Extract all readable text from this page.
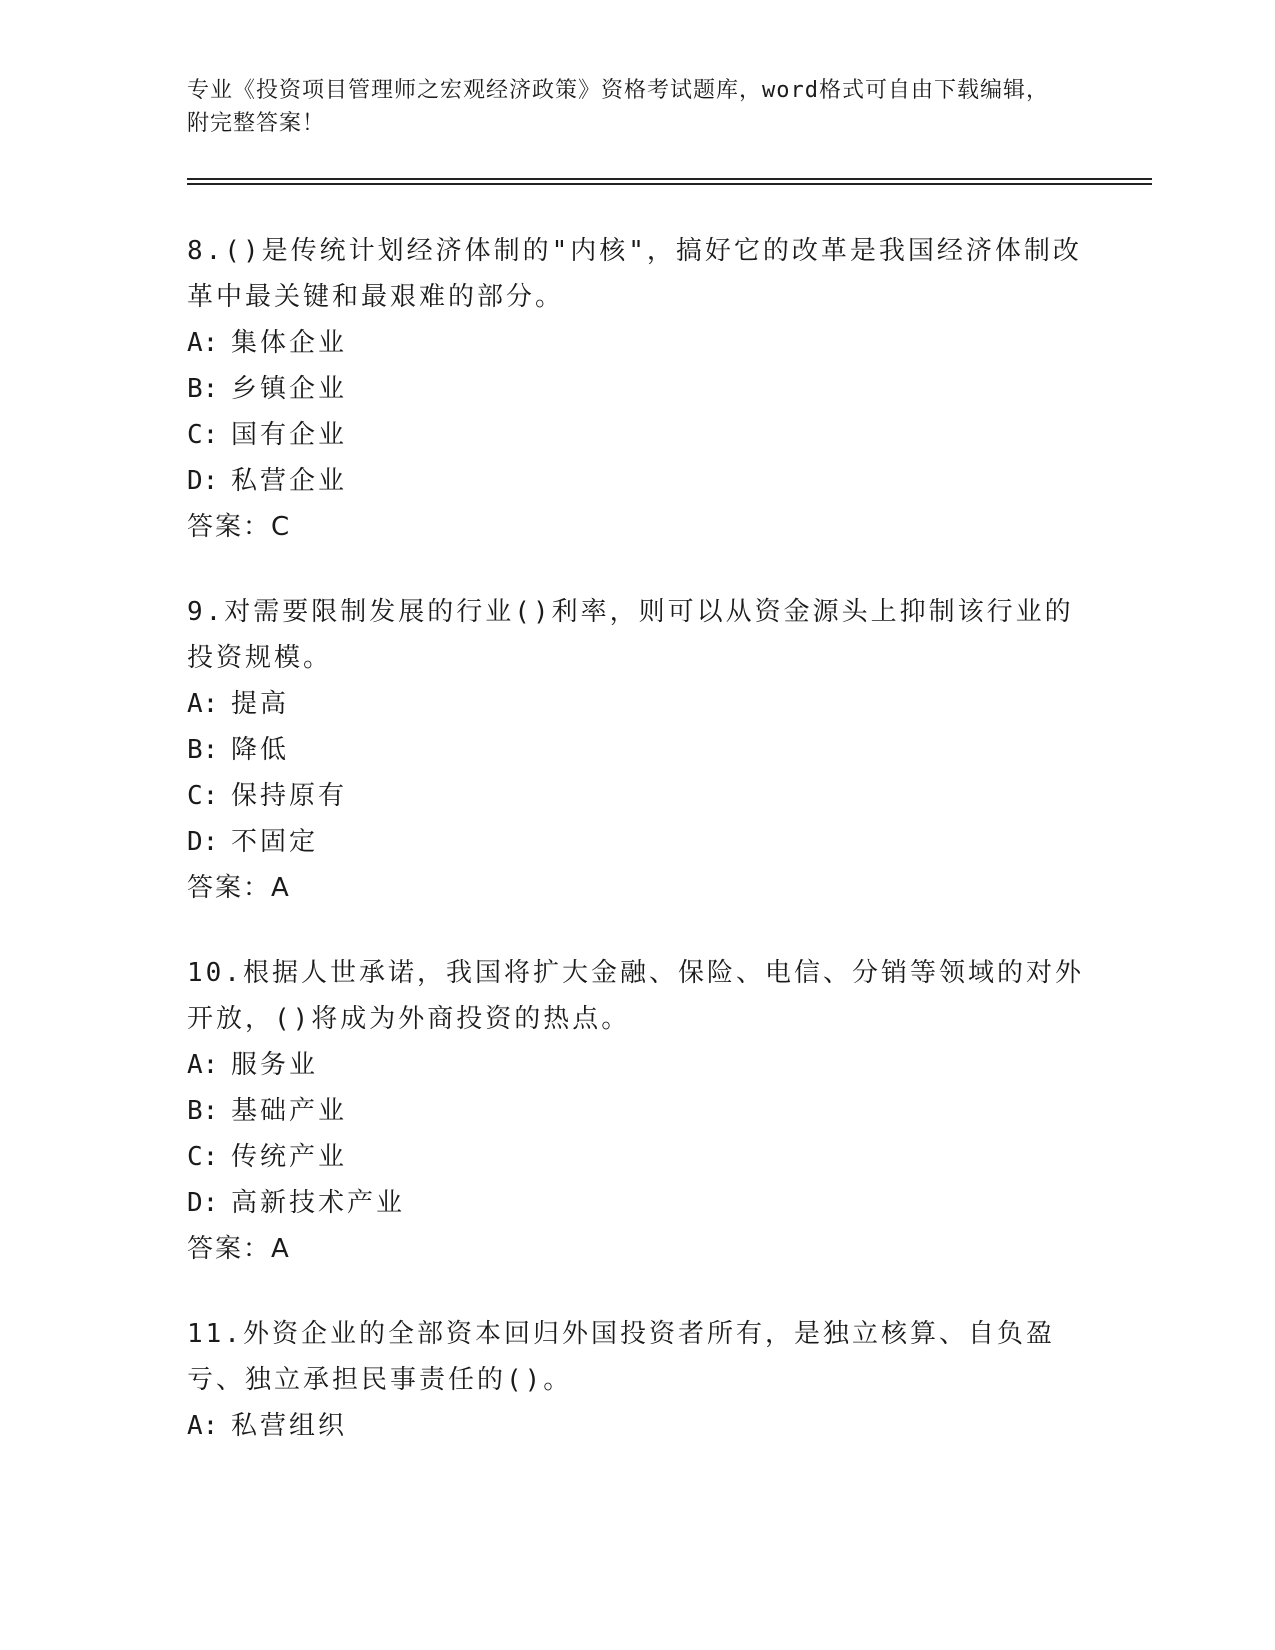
专业《投资项目管理师之宏观经济政策》资格考试题库，word格式可自由下载编辑，附完整答案！

8.()是传统计划经济体制的"内核"，搞好它的改革是我国经济体制改革中最关键和最艰难的部分。

A: 集体企业

B: 乡镇企业

C: 国有企业

D: 私营企业

答案：C

9.对需要限制发展的行业()利率，则可以从资金源头上抑制该行业的投资规模。

A: 提高

B: 降低

C: 保持原有

D: 不固定

答案：A

10.根据人世承诺，我国将扩大金融、保险、电信、分销等领域的对外开放，()将成为外商投资的热点。

A: 服务业

B: 基础产业

C: 传统产业

D: 高新技术产业

答案：A

11.外资企业的全部资本回归外国投资者所有，是独立核算、自负盈亏、独立承担民事责任的()。

A: 私营组织
